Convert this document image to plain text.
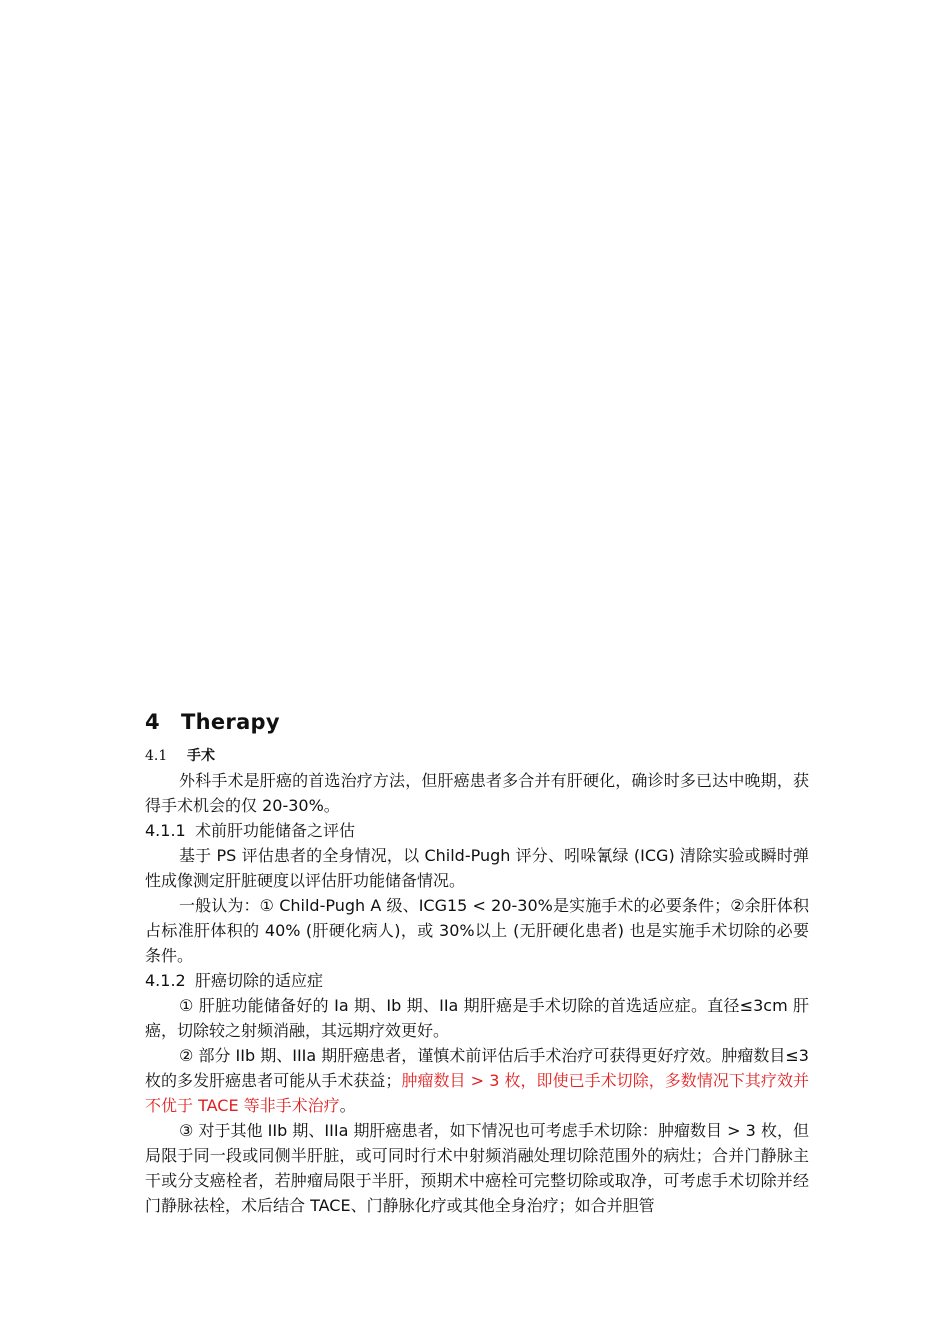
4 Therapy
4.1 手术

外科手术是肝癌的首选治疗方法，但肝癌患者多合并有肝硬化，确诊时多已达中晚期，获得手术机会的仅 20-30%。

4.1.1 术前肝功能储备之评估

基于 PS 评估患者的全身情况，以 Child-Pugh 评分、吲哚氰绿 (ICG) 清除实验或瞬时弹性成像测定肝脏硬度以评估肝功能储备情况。

一般认为：① Child-Pugh A 级、ICG15 < 20-30%是实施手术的必要条件；②余肝体积占标准肝体积的 40% (肝硬化病人)，或 30%以上 (无肝硬化患者) 也是实施手术切除的必要条件。

4.1.2 肝癌切除的适应症

① 肝脏功能储备好的 Ia 期、Ib 期、IIa 期肝癌是手术切除的首选适应症。直径≤3cm 肝癌，切除较之射频消融，其远期疗效更好。

② 部分 IIb 期、IIIa 期肝癌患者，谨慎术前评估后手术治疗可获得更好疗效。肿瘤数目≤3 枚的多发肝癌患者可能从手术获益；肿瘤数目 > 3 枚，即使已手术切除，多数情况下其疗效并不优于 TACE 等非手术治疗。

③ 对于其他 IIb 期、IIIa 期肝癌患者，如下情况也可考虑手术切除：肿瘤数目 > 3 枚，但局限于同一段或同侧半肝脏，或可同时行术中射频消融处理切除范围外的病灶；合并门静脉主干或分支癌栓者，若肿瘤局限于半肝，预期术中癌栓可完整切除或取净，可考虑手术切除并经门静脉祛栓，术后结合 TACE、门静脉化疗或其他全身治疗；如合并胆管
